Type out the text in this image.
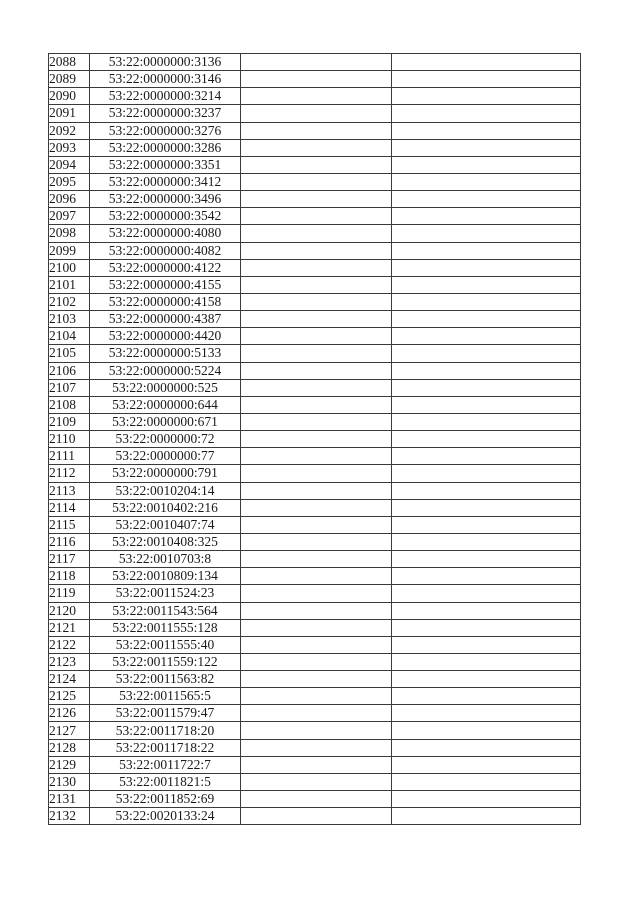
2088	53:22:0000000:3136		
2089	53:22:0000000:3146		
2090	53:22:0000000:3214		
2091	53:22:0000000:3237		
2092	53:22:0000000:3276		
2093	53:22:0000000:3286		
2094	53:22:0000000:3351		
2095	53:22:0000000:3412		
2096	53:22:0000000:3496		
2097	53:22:0000000:3542		
2098	53:22:0000000:4080		
2099	53:22:0000000:4082		
2100	53:22:0000000:4122		
2101	53:22:0000000:4155		
2102	53:22:0000000:4158		
2103	53:22:0000000:4387		
2104	53:22:0000000:4420		
2105	53:22:0000000:5133		
2106	53:22:0000000:5224		
2107	53:22:0000000:525		
2108	53:22:0000000:644		
2109	53:22:0000000:671		
2110	53:22:0000000:72		
2111	53:22:0000000:77		
2112	53:22:0000000:791		
2113	53:22:0010204:14		
2114	53:22:0010402:216		
2115	53:22:0010407:74		
2116	53:22:0010408:325		
2117	53:22:0010703:8		
2118	53:22:0010809:134		
2119	53:22:0011524:23		
2120	53:22:0011543:564		
2121	53:22:0011555:128		
2122	53:22:0011555:40		
2123	53:22:0011559:122		
2124	53:22:0011563:82		
2125	53:22:0011565:5		
2126	53:22:0011579:47		
2127	53:22:0011718:20		
2128	53:22:0011718:22		
2129	53:22:0011722:7		
2130	53:22:0011821:5		
2131	53:22:0011852:69		
2132	53:22:0020133:24		
